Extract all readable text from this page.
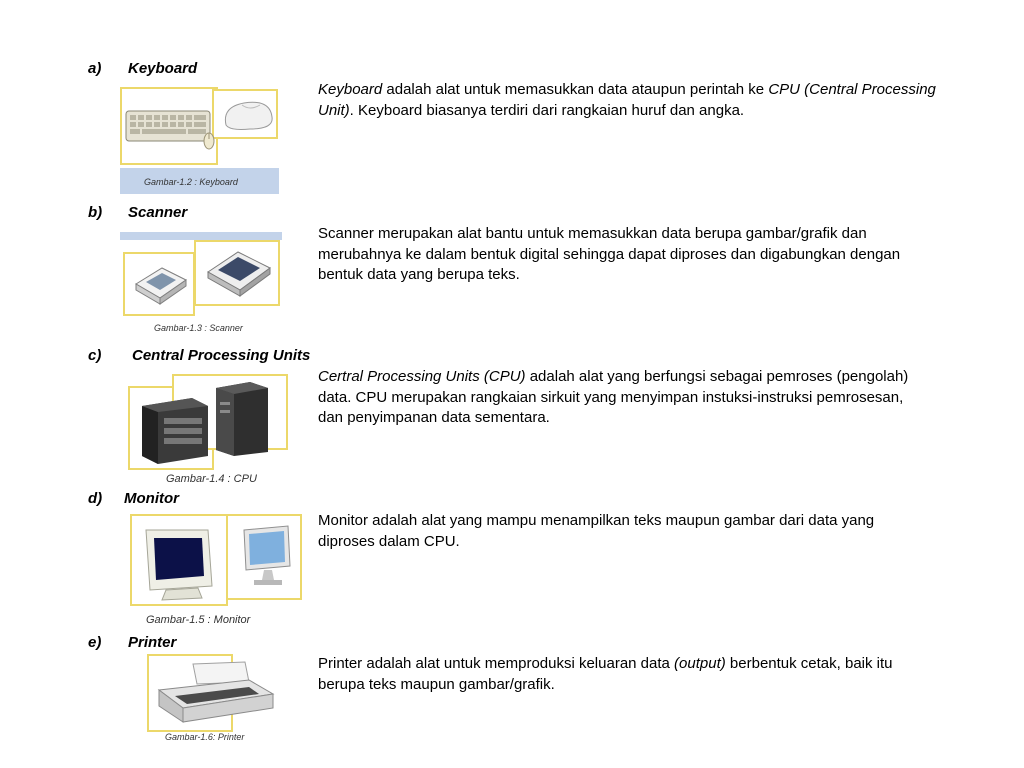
a) Keyboard
Gambar-1.2 : Keyboard
Keyboard adalah alat untuk memasukkan data ataupun perintah ke CPU (Central Processing Unit). Keyboard biasanya terdiri dari rangkaian huruf dan angka.
b) Scanner
Gambar-1.3 : Scanner
Scanner merupakan alat bantu untuk memasukkan data berupa gambar/grafik dan merubahnya ke dalam bentuk digital sehingga dapat diproses dan digabungkan dengan bentuk data yang berupa teks.
c) Central Processing Units
Gambar-1.4 : CPU
Certral Processing Units (CPU) adalah alat yang berfungsi sebagai pemroses (pengolah) data. CPU merupakan rangkaian sirkuit yang menyimpan instuksi-instruksi pemrosesan, dan penyimpanan data sementara.
d) Monitor
Gambar-1.5 : Monitor
Monitor adalah alat yang mampu menampilkan teks maupun gambar dari data yang diproses dalam CPU.
e) Printer
Gambar-1.6: Printer
Printer adalah alat untuk memproduksi keluaran data (output) berbentuk cetak, baik itu berupa teks maupun gambar/grafik.
